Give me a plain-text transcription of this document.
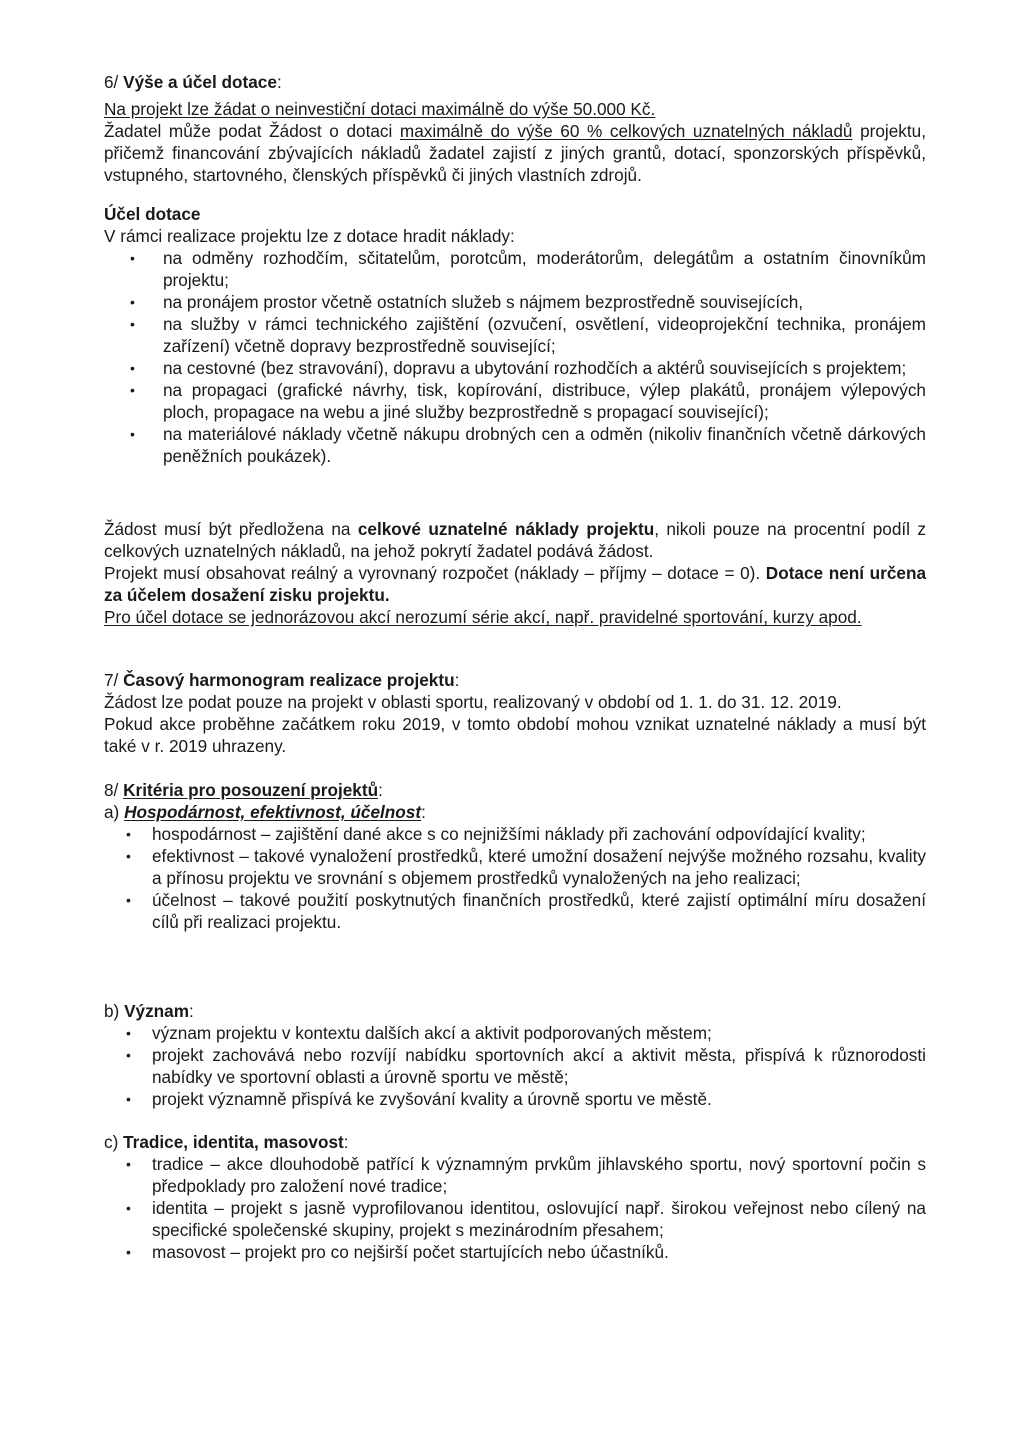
6/ Výše a účel dotace:

Na projekt lze žádat o neinvestiční dotaci maximálně do výše 50.000 Kč.

Žadatel může podat Žádost o dotaci maximálně do výše 60 % celkových uznatelných nákladů projektu, přičemž financování zbývajících nákladů žadatel zajistí z jiných grantů, dotací, sponzorských příspěvků, vstupného, startovného, členských příspěvků či jiných vlastních zdrojů.

Účel dotace

V rámci realizace projektu lze z dotace hradit náklady:

• na odměny rozhodčím, sčitatelům, porotcům, moderátorům, delegátům a ostatním činovníkům projektu;
• na pronájem prostor včetně ostatních služeb s nájmem bezprostředně souvisejících,
• na služby v rámci technického zajištění (ozvučení, osvětlení, videoprojekční technika, pronájem zařízení) včetně dopravy bezprostředně související;
• na cestovné (bez stravování), dopravu a ubytování rozhodčích a aktérů souvisejících s projektem;
• na propagaci (grafické návrhy, tisk, kopírování, distribuce, výlep plakátů, pronájem výlepových ploch, propagace na webu a jiné služby bezprostředně s propagací související);
• na materiálové náklady včetně nákupu drobných cen a odměn (nikoliv finančních včetně dárkových peněžních poukázek).

Žádost musí být předložena na celkové uznatelné náklady projektu, nikoli pouze na procentní podíl z celkových uznatelných nákladů, na jehož pokrytí žadatel podává žádost.

Projekt musí obsahovat reálný a vyrovnaný rozpočet (náklady – příjmy – dotace = 0). Dotace není určena za účelem dosažení zisku projektu.

Pro účel dotace se jednorázovou akcí nerozumí série akcí, např. pravidelné sportování, kurzy apod.

7/ Časový harmonogram realizace projektu:

Žádost lze podat pouze na projekt v oblasti sportu, realizovaný v období od 1. 1. do 31. 12. 2019.

Pokud akce proběhne začátkem roku 2019, v tomto období mohou vznikat uznatelné náklady a musí být také v r. 2019 uhrazeny.

8/ Kritéria pro posouzení projektů:

a) Hospodárnost, efektivnost, účelnost:

• hospodárnost – zajištění dané akce s co nejnižšími náklady při zachování odpovídající kvality;
• efektivnost – takové vynaložení prostředků, které umožní dosažení nejvýše možného rozsahu, kvality a přínosu projektu ve srovnání s objemem prostředků vynaložených na jeho realizaci;
• účelnost – takové použití poskytnutých finančních prostředků, které zajistí optimální míru dosažení cílů při realizaci projektu.

b) Význam:

• význam projektu v kontextu dalších akcí a aktivit podporovaných městem;
• projekt zachovává nebo rozvíjí nabídku sportovních akcí a aktivit města, přispívá k různorodosti nabídky ve sportovní oblasti a úrovně sportu ve městě;
• projekt významně přispívá ke zvyšování kvality a úrovně sportu ve městě.

c) Tradice, identita, masovost:

• tradice – akce dlouhodobě patřící k významným prvkům jihlavského sportu, nový sportovní počin s předpoklady pro založení nové tradice;
• identita – projekt s jasně vyprofilovanou identitou, oslovující např. širokou veřejnost nebo cílený na specifické společenské skupiny, projekt s mezinárodním přesahem;
• masovost – projekt pro co nejširší počet startujících nebo účastníků.
